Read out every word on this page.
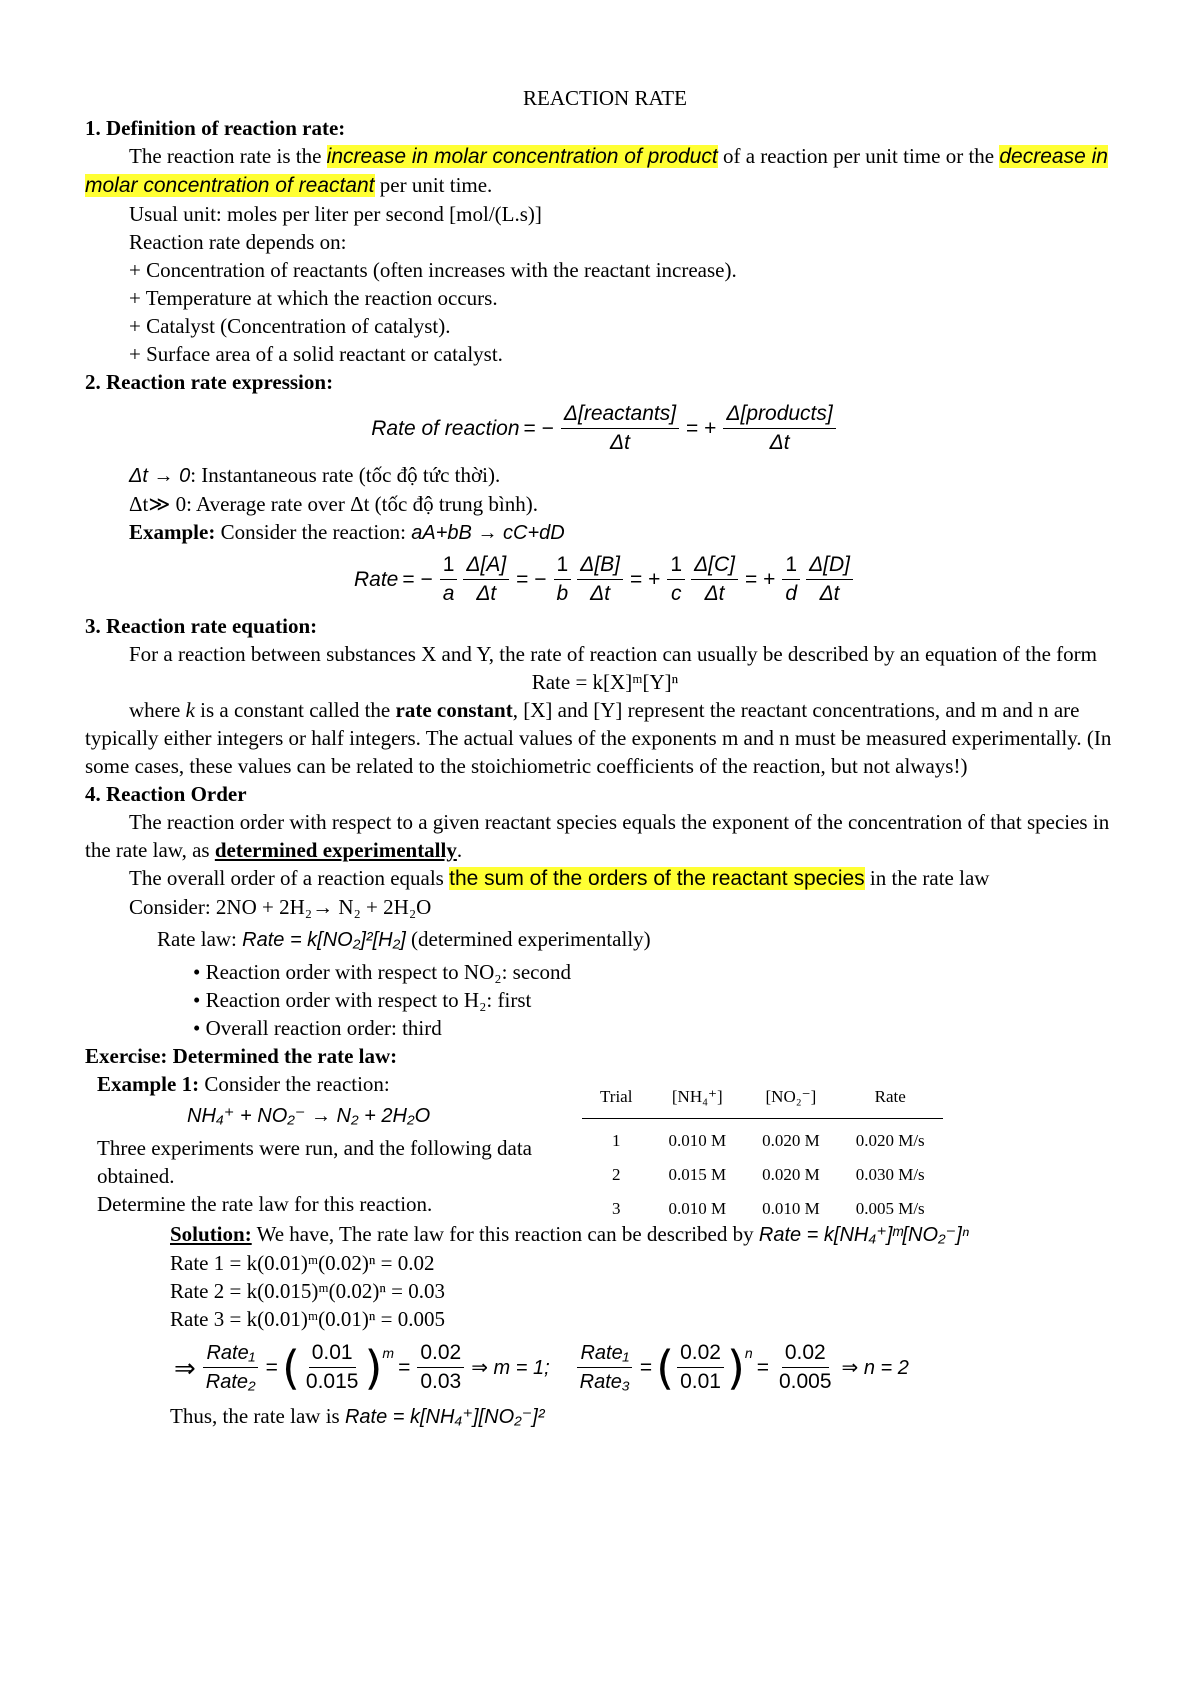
REACTION RATE

1. Definition of reaction rate:

The reaction rate is the increase in molar concentration of product of a reaction per unit time or the decrease in molar concentration of reactant per unit time.

Usual unit: moles per liter per second [mol/(L.s)]

Reaction rate depends on:

+ Concentration of reactants (often increases with the reactant increase).

+ Temperature at which the reaction occurs.

+ Catalyst (Concentration of catalyst).

+ Surface area of a solid reactant or catalyst.

2. Reaction rate expression:

Rate of reaction = − $\frac{\text{Δ[reactants]}}{\Delta t}$ = + $\frac{\text{Δ[products]}}{\Delta t}$

Δt → 0: Instantaneous rate (tốc độ tức thời).

Δt≫ 0: Average rate over Δt (tốc độ trung bình).

Example: Consider the reaction: aA+bB → cC+dD

Rate = − $\frac{1}{a} \frac{\Delta[A]}{\Delta t}$ = − $\frac{1}{b} \frac{\Delta[B]}{\Delta t}$ = + $\frac{1}{c} \frac{\Delta[C]}{\Delta t}$ = + $\frac{1}{d} \frac{\Delta[D]}{\Delta t}$

3. Reaction rate equation:

For a reaction between substances X and Y, the rate of reaction can usually be described by an equation of the form

Rate = k[X]ᵐ[Y]ⁿ

where k is a constant called the rate constant, [X] and [Y] represent the reactant concentrations, and m and n are typically either integers or half integers. The actual values of the exponents m and n must be measured experimentally. (In some cases, these values can be related to the stoichiometric coefficients of the reaction, but not always!)

4. Reaction Order

The reaction order with respect to a given reactant species equals the exponent of the concentration of that species in the rate law, as determined experimentally.

The overall order of a reaction equals the sum of the orders of the reactant species in the rate law

Consider: 2NO + 2H₂→ N₂ + 2H₂O

Rate law: Rate = k[NO₂]²[H₂] (determined experimentally)

• Reaction order with respect to NO₂: second

• Reaction order with respect to H₂: first

• Overall reaction order: third

Exercise: Determined the rate law:

Example 1: Consider the reaction:

NH₄⁺ + NO₂⁻ → N₂ + 2H₂O

Three experiments were run, and the following data obtained.

Determine the rate law for this reaction.

Trial	[NH₄⁺]	[NO₂⁻]	Rate
1	0.010 M	0.020 M	0.020 M/s
2	0.015 M	0.020 M	0.030 M/s
3	0.010 M	0.010 M	0.005 M/s

Solution: We have, The rate law for this reaction can be described by Rate = k[NH₄⁺]ᵐ[NO₂⁻]ⁿ

Rate 1 = k(0.01)ᵐ(0.02)ⁿ = 0.02

Rate 2 = k(0.015)ᵐ(0.02)ⁿ = 0.03

Rate 3 = k(0.01)ᵐ(0.01)ⁿ = 0.005

⇒ $\frac{\text{Rate₁}}{\text{Rate₂}}$ = ( $\frac{0.01}{0.015} )^m$
= $\frac{0.02}{0.03}$ ⇒ m = 1; $\frac{\text{Rate₁}}{\text{Rate₃}}$ = ( $\frac{0.02}{0.01} )^n$
= $\frac{0.02}{0.005}$ ⇒ n = 2

Thus, the rate law is Rate = k[NH₄⁺][NO₂⁻]²
